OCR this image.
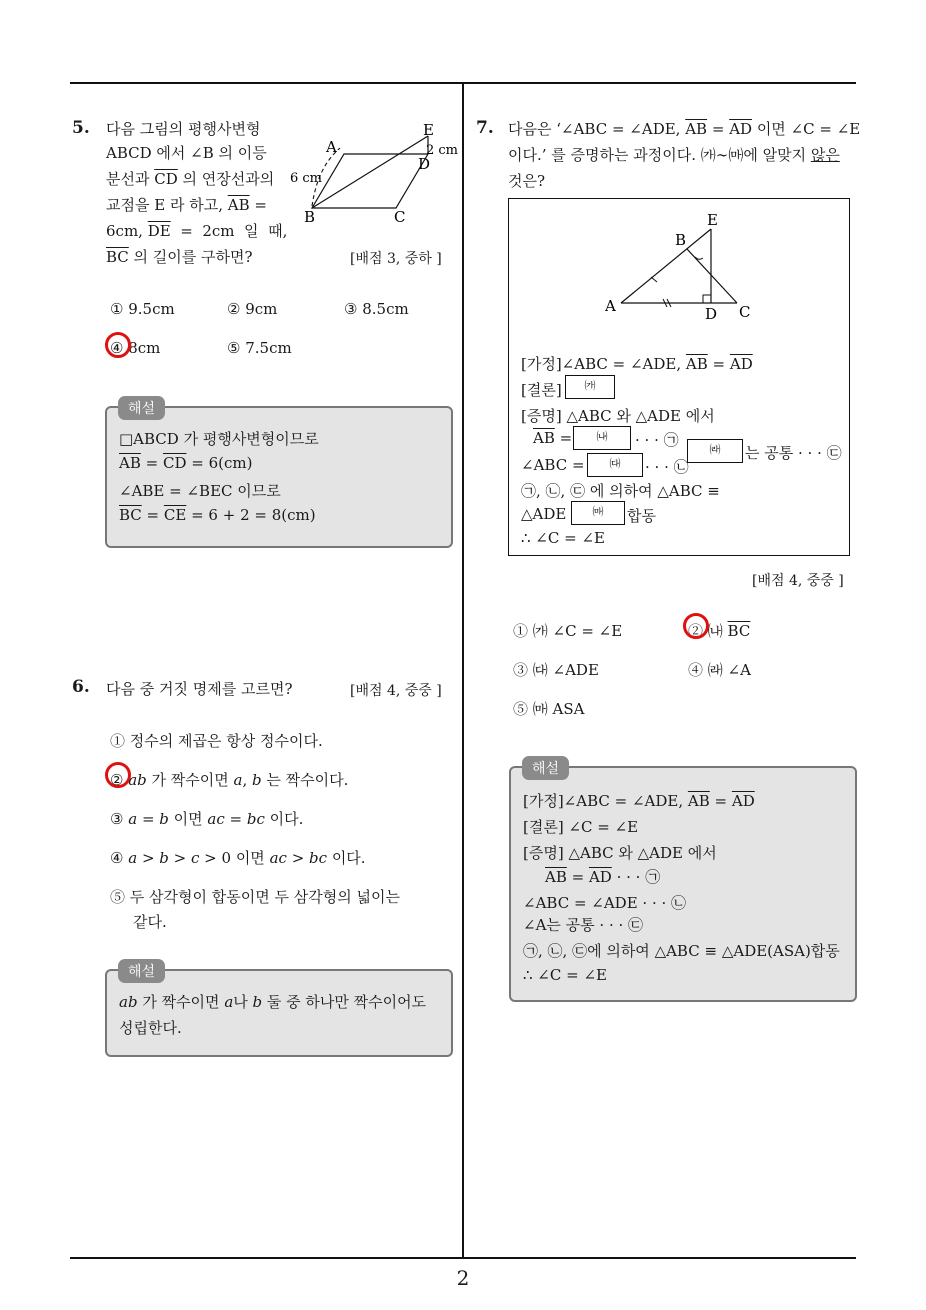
2
5. 다음 그림의 평행사변형
ABCD 에서 ∠B 의 이등
분선과 $\overline{CD}$ 의 연장선과의
교점을 E 라 하고, $\overline{AB}$ =
6cm, $\overline{DE} = 2cm$  일  때,
$\overline{BC}$ 의 길이를 구하면?	[배점 3, 중하 ]
A
B	C
D
E
6 cm
2 cm
① 9.5cm	② 9cm	③ 8.5cm
④ 8cm	⑤ 7.5cm
□ABCD 가 평행사변형이므로
$\overline{AB} = \overline{CD} = 6(cm)$
∠ABE = ∠BEC 이므로
$\overline{BC} = \overline{CE} = 6 + 2 = 8(cm)$
해설
6. 다음 중 거짓 명제를 고르면?	[배점 4, 중중 ]
① 정수의 제곱은 항상 정수이다.
② ab 가 짝수이면 a, b 는 짝수이다.
③ a = b 이면 ac = bc 이다.
④ a > b > c > 0 이면 ac > bc 이다.
⑤ 두 삼각형이 합동이면 두 삼각형의 넓이는
같다.
ab 가 짝수이면 a나 b 둘 중 하나만 짝수이어도
성립한다.
해설
7. 다음은 ‘∠ABC = ∠ADE, $\overline{AB} = \overline{AD}$ 이면 ∠C = ∠E
이다.’ 를 증명하는 과정이다. ㈎∼㈒에 알맞지 않은
것은?
A
B
C
D
E
[가정]∠ABC = ∠ADE, $\overline{AB} = \overline{AD}$
[결론]	㈎
[증명] △ABC 와 △ADE 에서
$\overline{AB}$ =	㈏	· · · ㉠
㈑	는 공통 · · · ㉢
∠ABC =	㈐	· · · ㉡
㉠, ㉡, ㉢ 에 의하여 △ABC ≡
△ADE	㈒	합동
∴ ∠C = ∠E
[배점 4, 중중 ]
① ㈎ ∠C = ∠E	② ㈏ $\overline{BC}$
③ ㈐ ∠ADE	④ ㈑ ∠A
⑤ ㈒ ASA
[가정]∠ABC = ∠ADE, $\overline{AB} = \overline{AD}$
[결론] ∠C = ∠E
[증명] △ABC 와 △ADE 에서
$\overline{AB} = \overline{AD}$ · · · ㉠
∠ABC = ∠ADE · · · ㉡
∠A는 공통 · · · ㉢
㉠, ㉡, ㉢에 의하여 △ABC ≡ △ADE(ASA)합동
∴ ∠C = ∠E
해설
